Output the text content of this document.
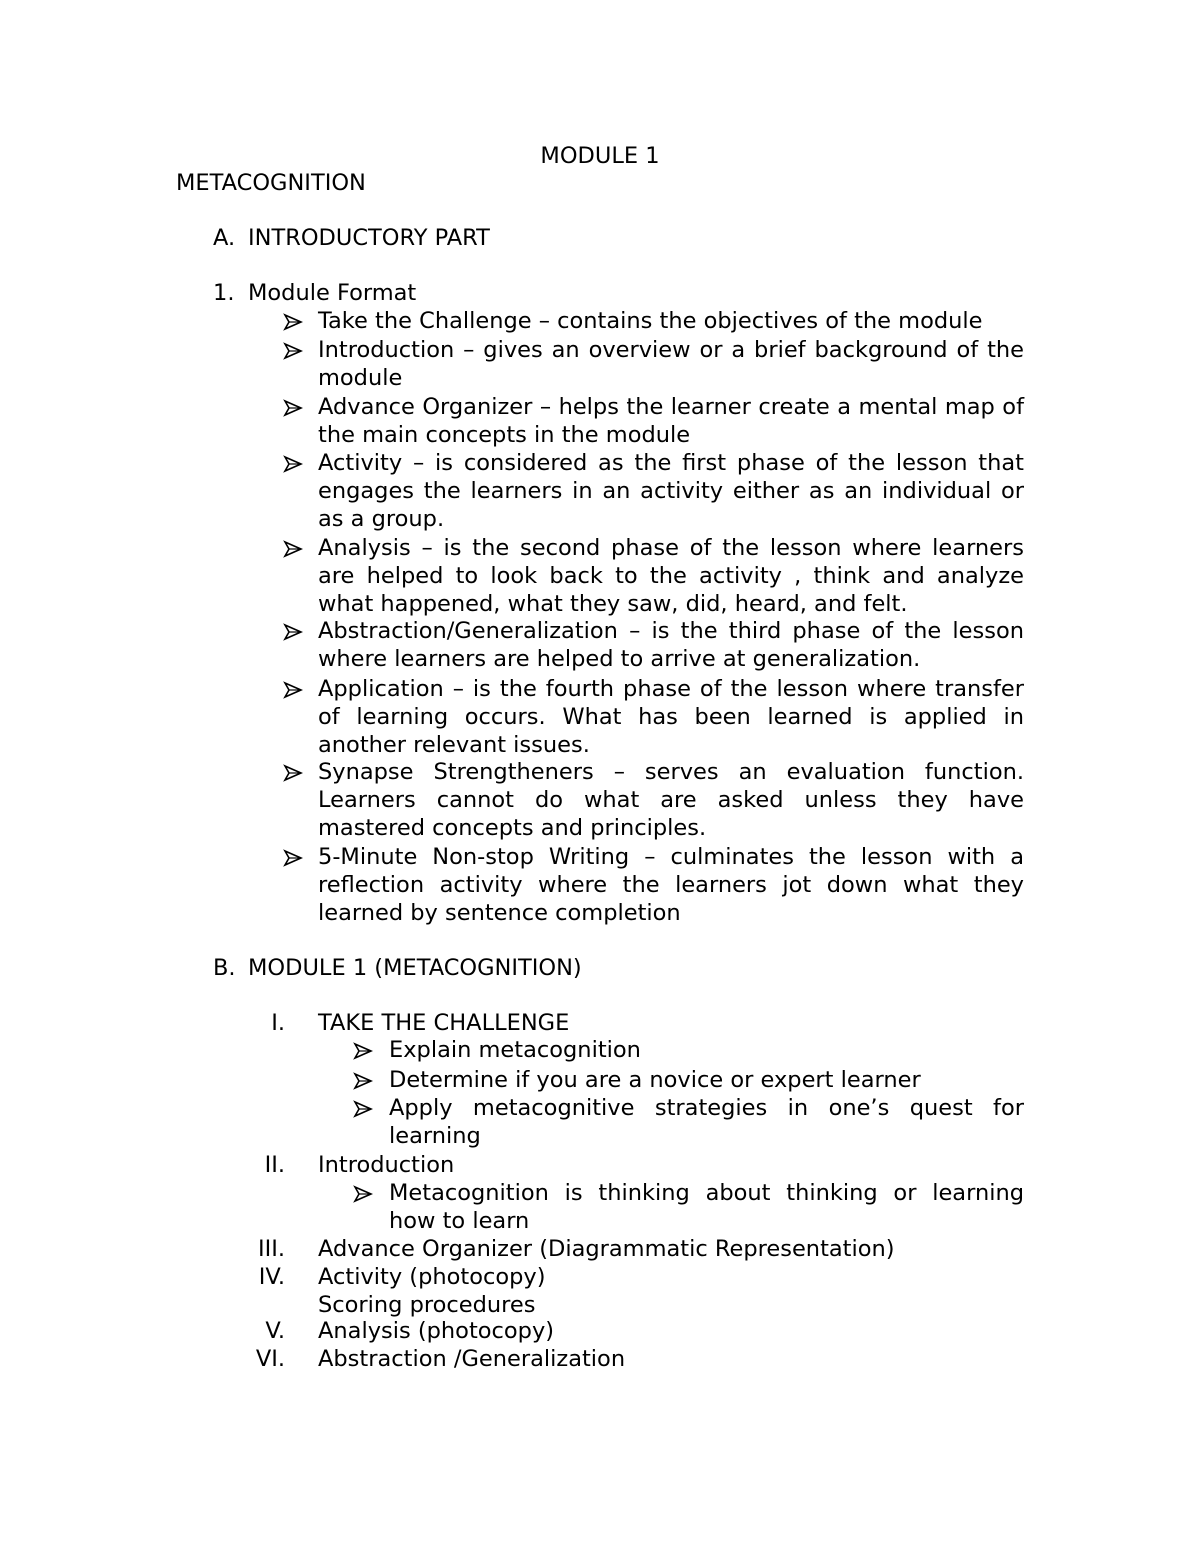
MODULE 1
METACOGNITION
A. INTRODUCTORY PART
1. Module Format
Take the Challenge – contains the objectives of the module
Introduction – gives an overview or a brief background of the module
Advance Organizer – helps the learner create a mental map of the main concepts in the module
Activity – is considered as the first phase of the lesson that engages the learners in an activity either as an individual or as a group.
Analysis – is the second phase of the lesson where learners are helped to look back to the activity , think and analyze what happened, what they saw, did, heard, and felt.
Abstraction/Generalization – is the third phase of the lesson where learners are helped to arrive at generalization.
Application – is the fourth phase of the lesson where transfer of learning occurs. What has been learned is applied in another relevant issues.
Synapse Strengtheners – serves an evaluation function. Learners cannot do what are asked unless they have mastered concepts and principles.
5-Minute Non-stop Writing – culminates the lesson with a reflection activity where the learners jot down what they learned by sentence completion
B. MODULE 1 (METACOGNITION)
I. TAKE THE CHALLENGE
Explain metacognition
Determine if you are a novice or expert learner
Apply metacognitive strategies in one’s quest for learning
II. Introduction
Metacognition is thinking about thinking or learning how to learn
III. Advance Organizer (Diagrammatic Representation)
IV. Activity (photocopy)
Scoring procedures
V. Analysis (photocopy)
VI. Abstraction /Generalization
